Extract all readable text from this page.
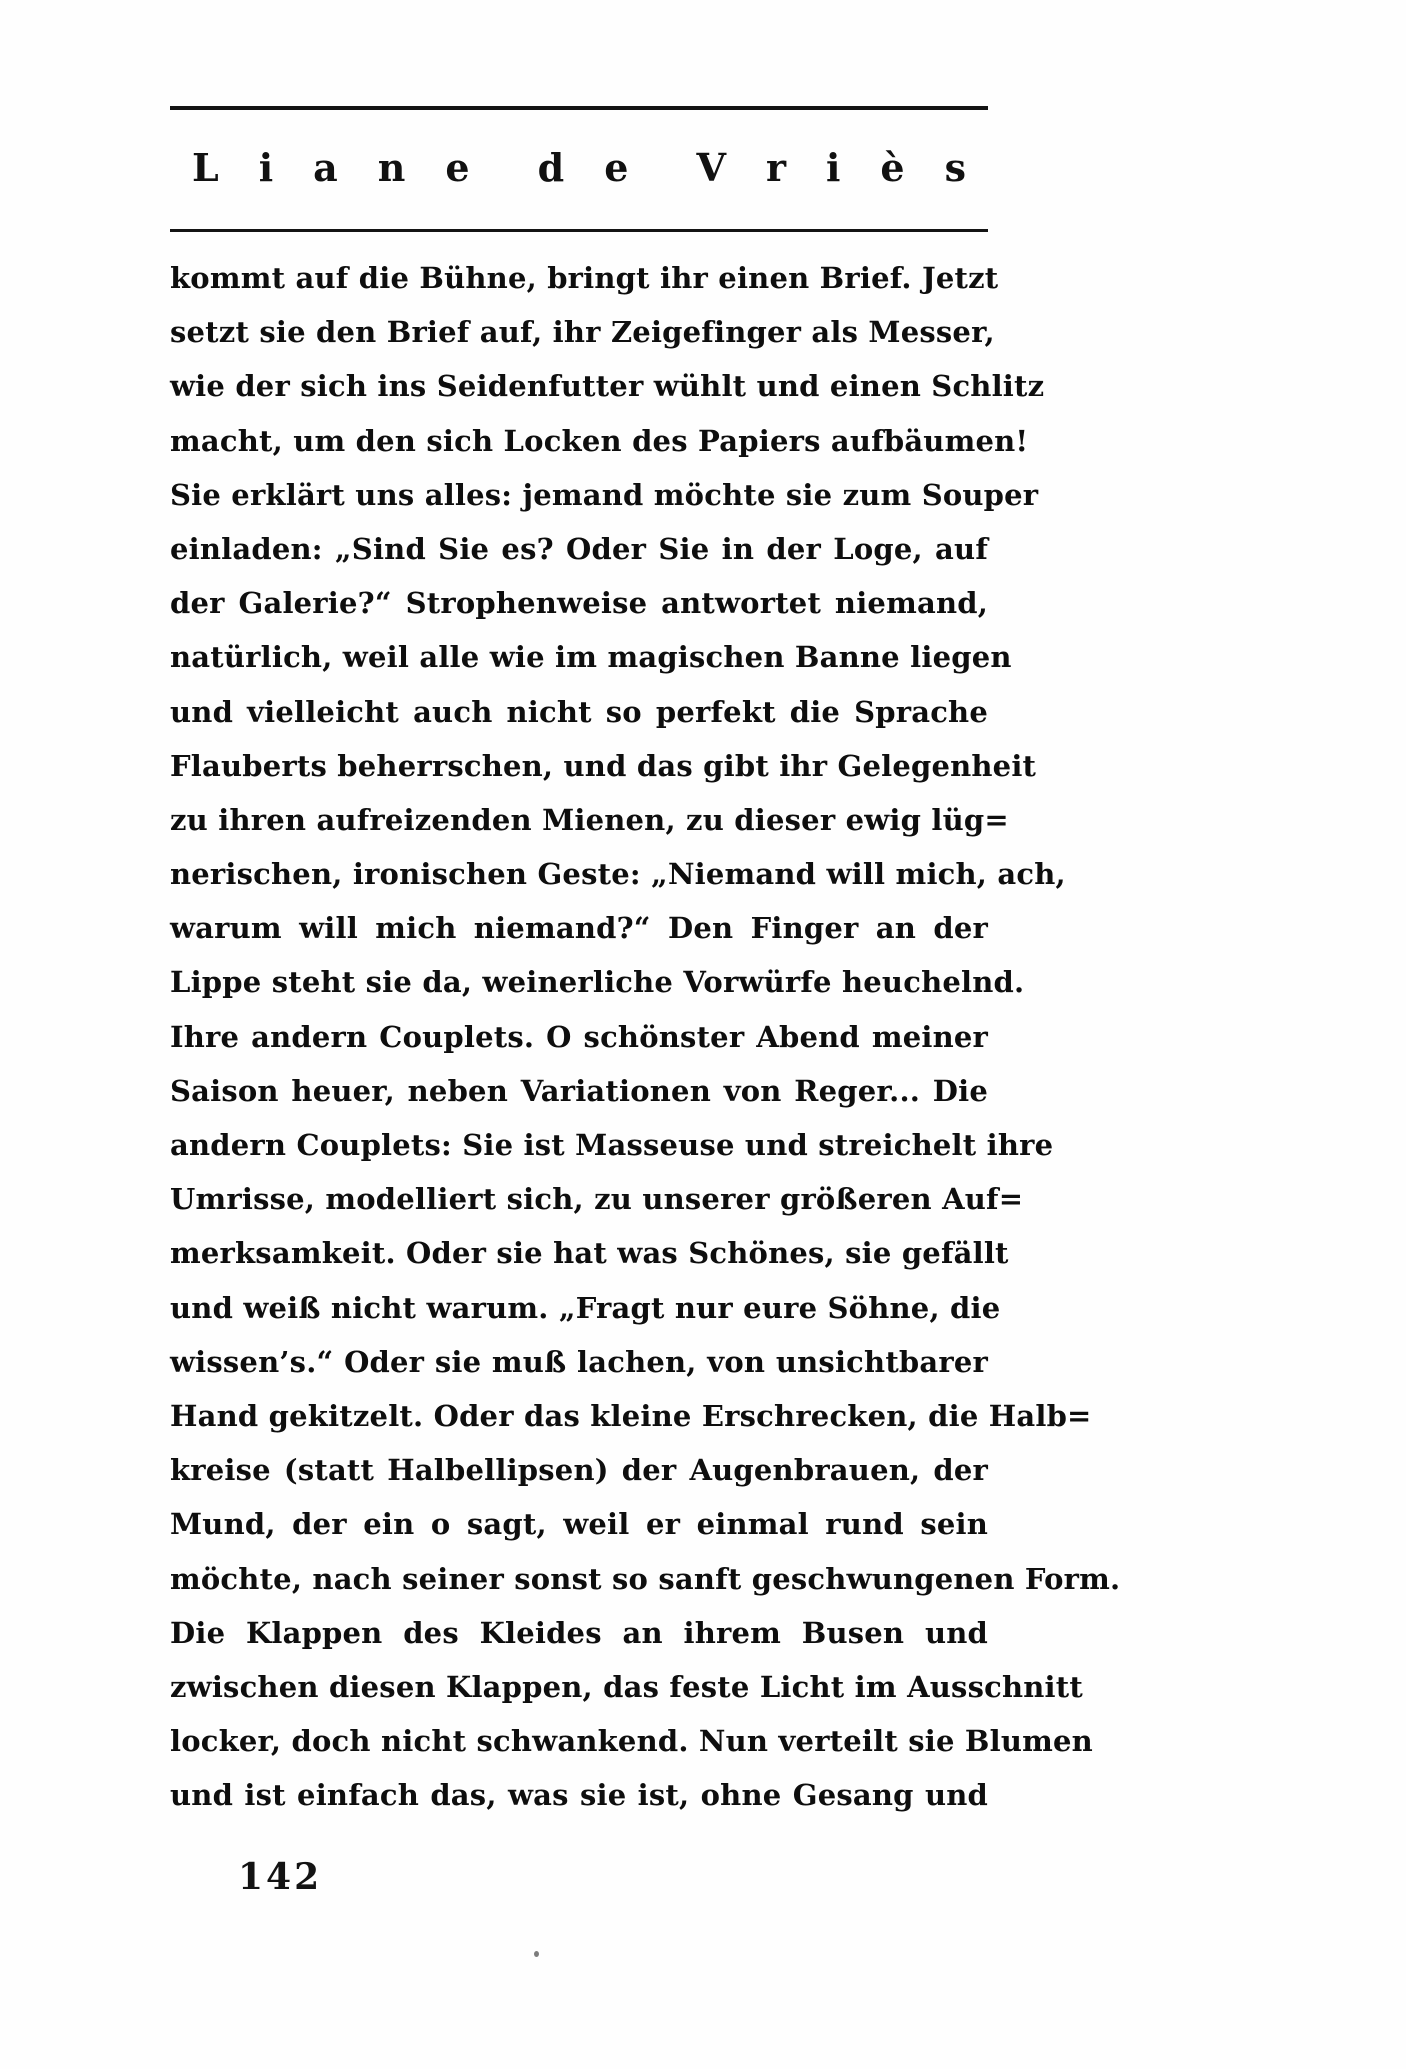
Liane de Vriès
kommt auf die Bühne, bringt ihr einen Brief. Jetzt
setzt sie den Brief auf, ihr Zeigefinger als Messer,
wie der sich ins Seidenfutter wühlt und einen Schlitz
macht, um den sich Locken des Papiers aufbäumen!
Sie erklärt uns alles: jemand möchte sie zum Souper
einladen: „Sind Sie es? Oder Sie in der Loge, auf
der Galerie?“ Strophenweise antwortet niemand,
natürlich, weil alle wie im magischen Banne liegen
und vielleicht auch nicht so perfekt die Sprache
Flauberts beherrschen, und das gibt ihr Gelegenheit
zu ihren aufreizenden Mienen, zu dieser ewig lüg=
nerischen, ironischen Geste: „Niemand will mich, ach,
warum will mich niemand?“ Den Finger an der
Lippe steht sie da, weinerliche Vorwürfe heuchelnd.
Ihre andern Couplets. O schönster Abend meiner
Saison heuer, neben Variationen von Reger... Die
andern Couplets: Sie ist Masseuse und streichelt ihre
Umrisse, modelliert sich, zu unserer größeren Auf=
merksamkeit. Oder sie hat was Schönes, sie gefällt
und weiß nicht warum. „Fragt nur eure Söhne, die
wissen’s.“ Oder sie muß lachen, von unsichtbarer
Hand gekitzelt. Oder das kleine Erschrecken, die Halb=
kreise (statt Halbellipsen) der Augenbrauen, der
Mund, der ein o sagt, weil er einmal rund sein
möchte, nach seiner sonst so sanft geschwungenen Form.
Die Klappen des Kleides an ihrem Busen und
zwischen diesen Klappen, das feste Licht im Ausschnitt
locker, doch nicht schwankend. Nun verteilt sie Blumen
und ist einfach das, was sie ist, ohne Gesang und
142
